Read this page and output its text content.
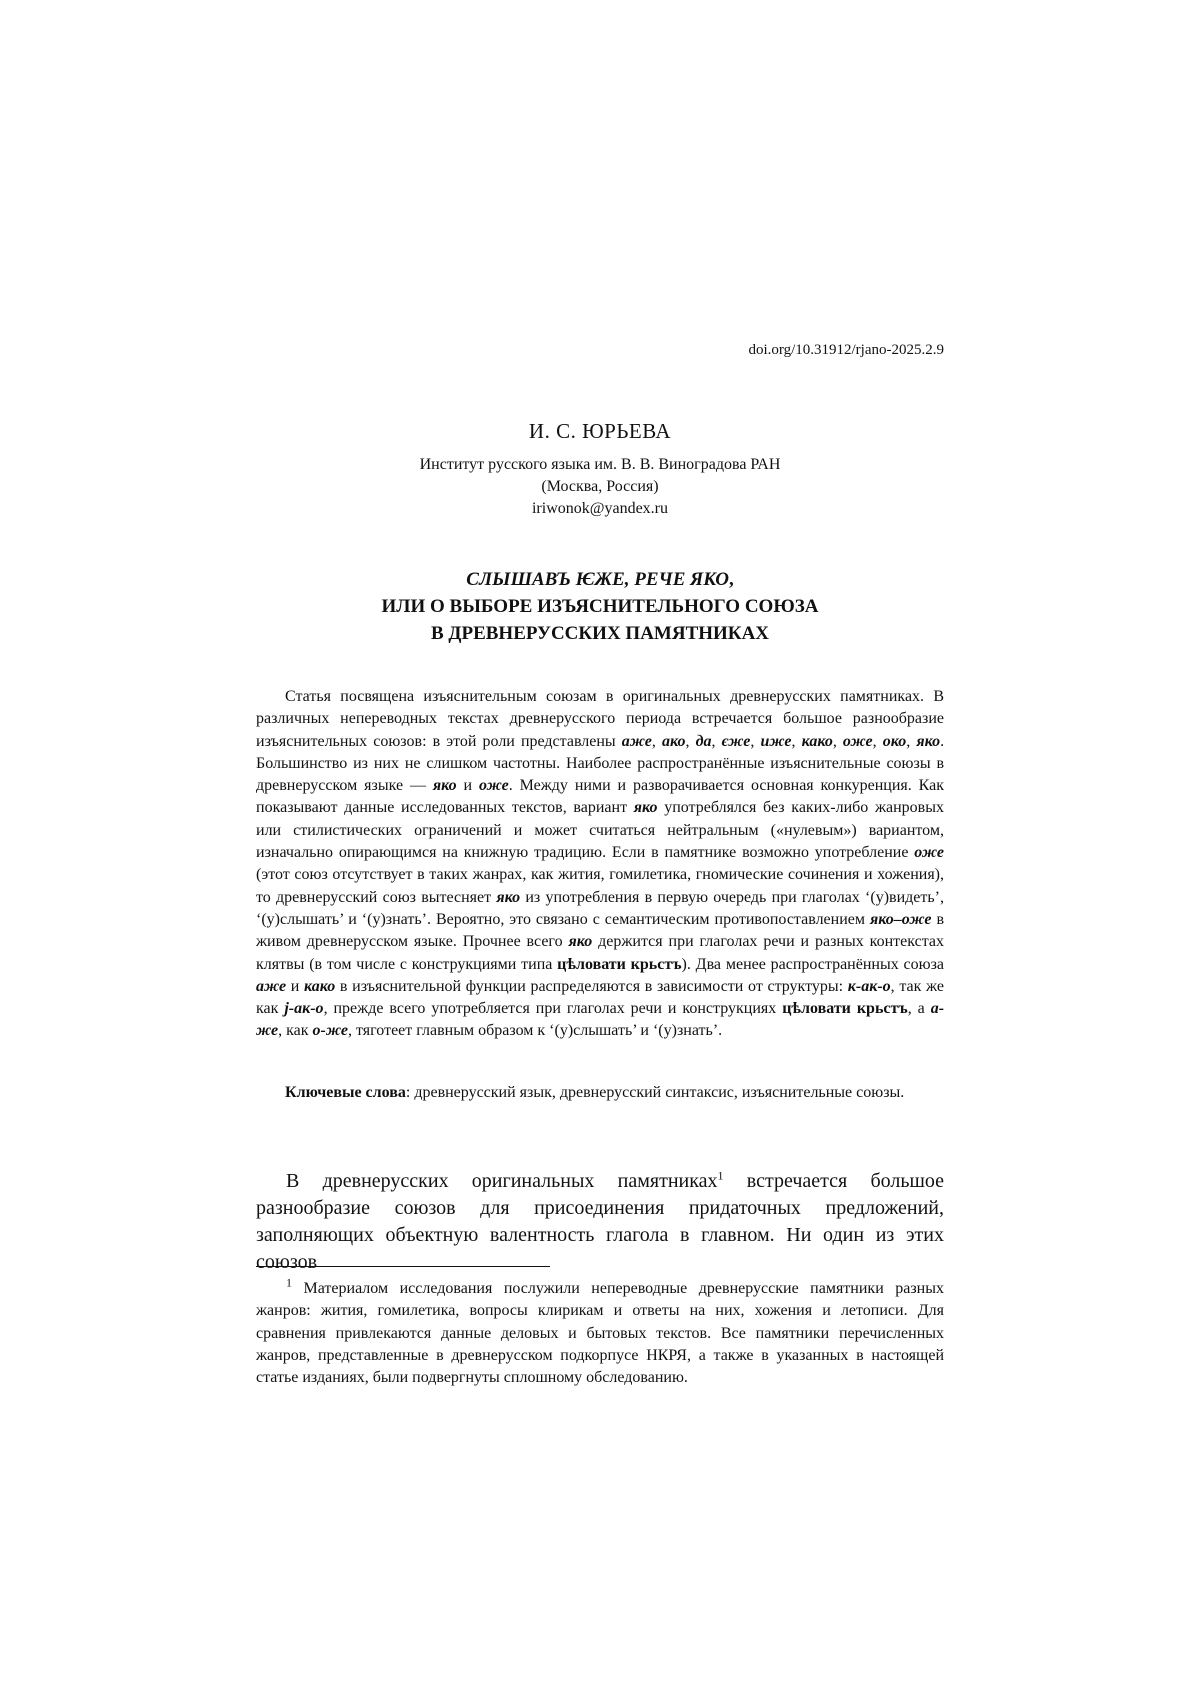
doi.org/10.31912/rjano-2025.2.9
И. С. ЮРЬЕВА
Институт русского языка им. В. В. Виноградова РАН
(Москва, Россия)
iriwonok@yandex.ru
СЛЫШАВЪ ѤЖЕ, РЕЧЕ ЯКО,
ИЛИ О ВЫБОРЕ ИЗЪЯСНИТЕЛЬНОГО СОЮЗА
В ДРЕВНЕРУССКИХ ПАМЯТНИКАХ

Статья посвящена изъяснительным союзам в оригинальных древнерусских памятниках. В различных непереводных текстах древнерусского периода встречается большое разнообразие изъяснительных союзов: в этой роли представлены аже, ако, да, єже, иже, како, оже, око, яко. Большинство из них не слишком частотны. Наиболее распространённые изъяснительные союзы в древнерусском языке — яко и оже. Между ними и разворачивается основная конкуренция. Как показывают данные исследованных текстов, вариант яко употреблялся без каких-либо жанровых или стилистических ограничений и может считаться нейтральным («нулевым») вариантом, изначально опирающимся на книжную традицию. Если в памятнике возможно употребление оже (этот союз отсутствует в таких жанрах, как жития, гомилетика, гномические сочинения и хожения), то древнерусский союз вытесняет яко из употребления в первую очередь при глаголах ‘(у)видеть’, ‘(у)слышать’ и ‘(у)знать’. Вероятно, это связано с семантическим противопоставлением яко–оже в живом древнерусском языке. Прочнее всего яко держится при глаголах речи и разных контекстах клятвы (в том числе с конструкциями типа цѣловати крьстъ). Два менее распространённых союза аже и како в изъяснительной функции распределяются в зависимости от структуры: к-ак-о, так же как j-ак-о, прежде всего употребляется при глаголах речи и конструкциях цѣловати крьстъ, а а-же, как о-же, тяготеет главным образом к ‘(у)слышать’ и ‘(у)знать’.

Ключевые слова: древнерусский язык, древнерусский синтаксис, изъяснительные союзы.
В древнерусских оригинальных памятниках$^1$ встречается большое разнообразие союзов для присоединения придаточных предложений, заполняющих объектную валентность глагола в главном. Ни один из этих союзов
$^1$ Материалом исследования послужили непереводные древнерусские памятники разных жанров: жития, гомилетика, вопросы клирикам и ответы на них, хожения и летописи. Для сравнения привлекаются данные деловых и бытовых текстов. Все памятники перечисленных жанров, представленные в древнерусском подкорпусе НКРЯ, а также в указанных в настоящей статье изданиях, были подвергнуты сплошному обследованию.
